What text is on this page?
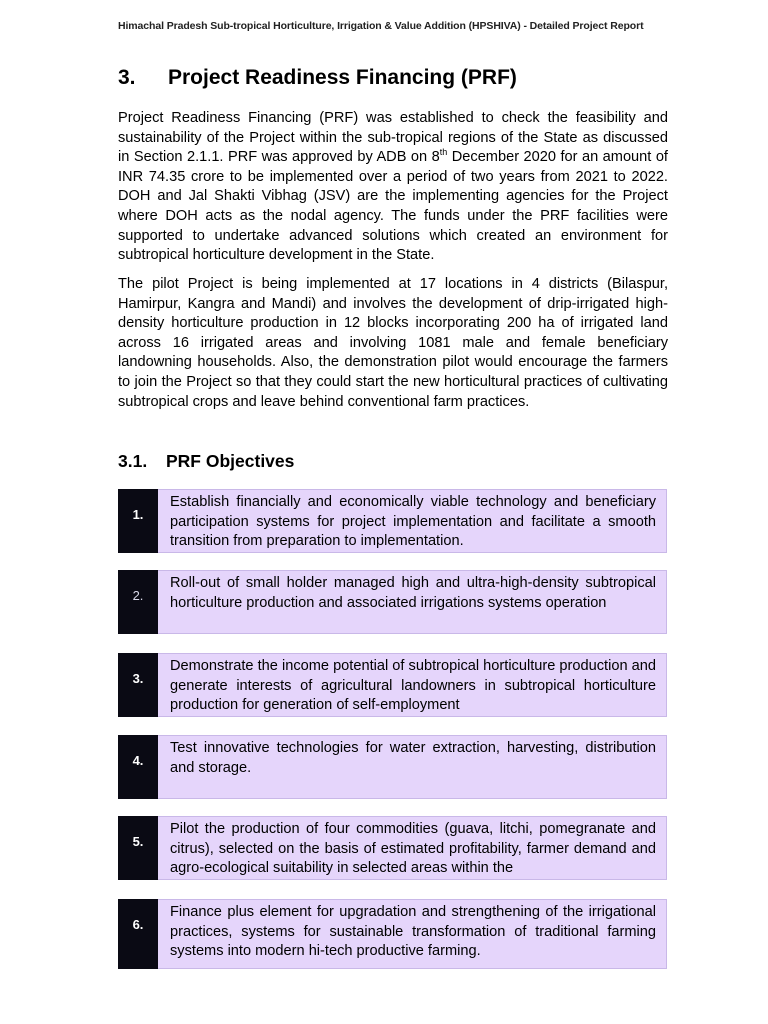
Himachal Pradesh Sub-tropical Horticulture, Irrigation & Value Addition (HPSHIVA) - Detailed Project Report
3. Project Readiness Financing (PRF)

Project Readiness Financing (PRF) was established to check the feasibility and sustainability of the Project within the sub-tropical regions of the State as discussed in Section 2.1.1. PRF was approved by ADB on 8th December 2020 for an amount of INR 74.35 crore to be implemented over a period of two years from 2021 to 2022. DOH and Jal Shakti Vibhag (JSV) are the implementing agencies for the Project where DOH acts as the nodal agency. The funds under the PRF facilities were supported to undertake advanced solutions which created an environment for subtropical horticulture development in the State.

The pilot Project is being implemented at 17 locations in 4 districts (Bilaspur, Hamirpur, Kangra and Mandi) and involves the development of drip-irrigated high-density horticulture production in 12 blocks incorporating 200 ha of irrigated land across 16 irrigated areas and involving 1081 male and female beneficiary landowning households. Also, the demonstration pilot would encourage the farmers to join the Project so that they could start the new horticultural practices of cultivating subtropical crops and leave behind conventional farm practices.

3.1. PRF Objectives
1.
Establish financially and economically viable technology and beneficiary participation systems for project implementation and facilitate a smooth transition from preparation to implementation.
2.
Roll-out of small holder managed high and ultra-high-density subtropical horticulture production and associated irrigations systems operation
3.
Demonstrate the income potential of subtropical horticulture production and generate interests of agricultural landowners in subtropical horticulture production for generation of self-employment
4.
Test innovative technologies for water extraction, harvesting, distribution and storage.
5.
Pilot the production of four commodities (guava, litchi, pomegranate and citrus), selected on the basis of estimated profitability, farmer demand and agro-ecological suitability in selected areas within the
6.
Finance plus element for upgradation and strengthening of the irrigational practices, systems for sustainable transformation of traditional farming systems into modern hi-tech productive farming.
